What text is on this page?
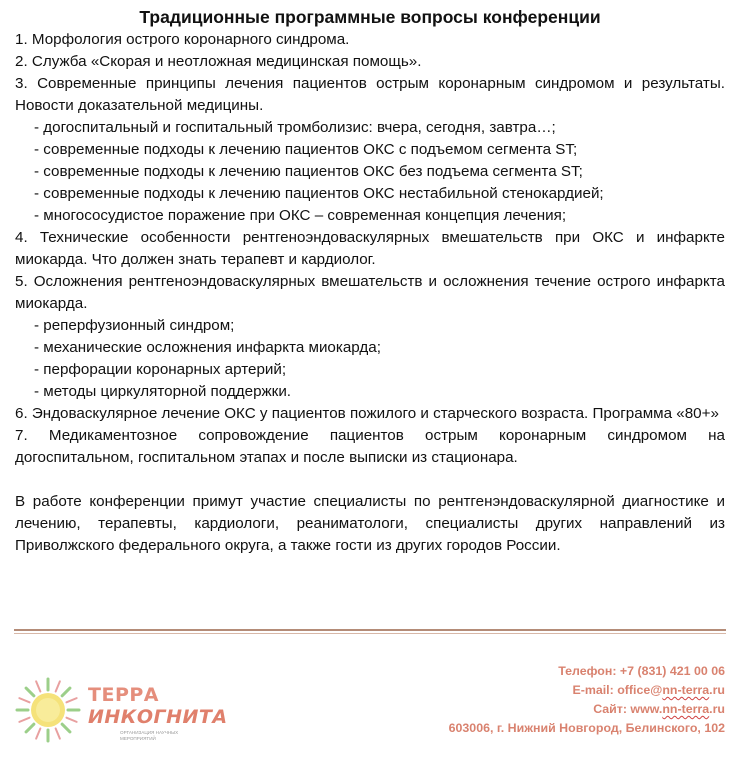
Традиционные программные вопросы конференции

1. Морфология острого коронарного синдрома.

2. Служба «Скорая и неотложная медицинская помощь».

3. Современные принципы лечения пациентов острым коронарным синдромом и результаты. Новости доказательной медицины.

- догоспитальный и госпитальный тромболизис: вчера, сегодня, завтра…;

- современные подходы к лечению пациентов ОКС с подъемом сегмента ST;

- современные подходы к лечению пациентов ОКС без подъема сегмента ST;

- современные подходы к лечению пациентов ОКС нестабильной стенокардией;

- многососудистое поражение при ОКС – современная концепция лечения;

4. Технические особенности рентгеноэндоваскулярных вмешательств при ОКС и инфаркте миокарда. Что должен знать терапевт и кардиолог.

5. Осложнения рентгеноэндоваскулярных вмешательств и осложнения течение острого инфаркта миокарда.

- реперфузионный синдром;

- механические осложнения инфаркта миокарда;

- перфорации коронарных артерий;

- методы циркуляторной поддержки.

6. Эндоваскулярное лечение ОКС у пациентов пожилого и старческого возраста. Программа «80+»

7. Медикаментозное сопровождение пациентов острым коронарным синдромом на догоспитальном, госпитальном этапах и после выписки из стационара.

В работе конференции примут участие специалисты по рентгенэндоваскулярной диагностике и лечению, терапевты, кардиологи, реаниматологи, специалисты других направлений из Приволжского федерального округа, а также гости из других городов России.

ТЕРРА
ИНКОГНИТА
ОРГАНИЗАЦИЯ НАУЧНЫХ МЕРОПРИЯТИЙ
Телефон: +7 (831) 421 00 06
E-mail: office@nn-terra.ru
Сайт: www.nn-terra.ru
603006, г. Нижний Новгород, Белинского, 102
